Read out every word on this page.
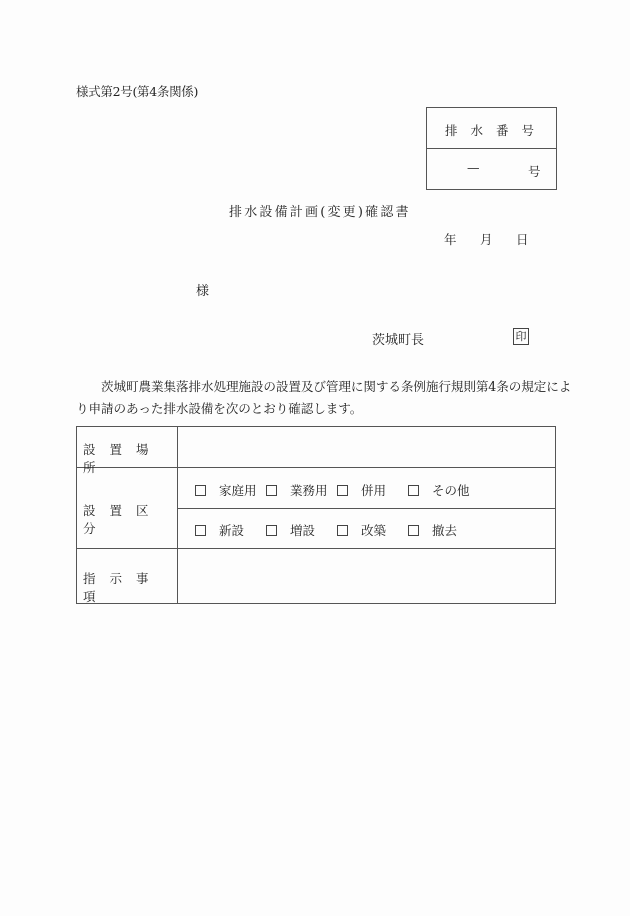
様式第2号(第4条関係)
排水番号
—	号
排水設備計画(変更)確認書
年 月 日
様
茨城町長	印
茨城町農業集落排水処理施設の設置及び管理に関する条例施行規則第4条の規定によ
り申請のあった排水設備を次のとおり確認します。
設置場所
設置区分
家庭用	業務用	併用	その他
新設	増設	改築	撤去
指示事項
